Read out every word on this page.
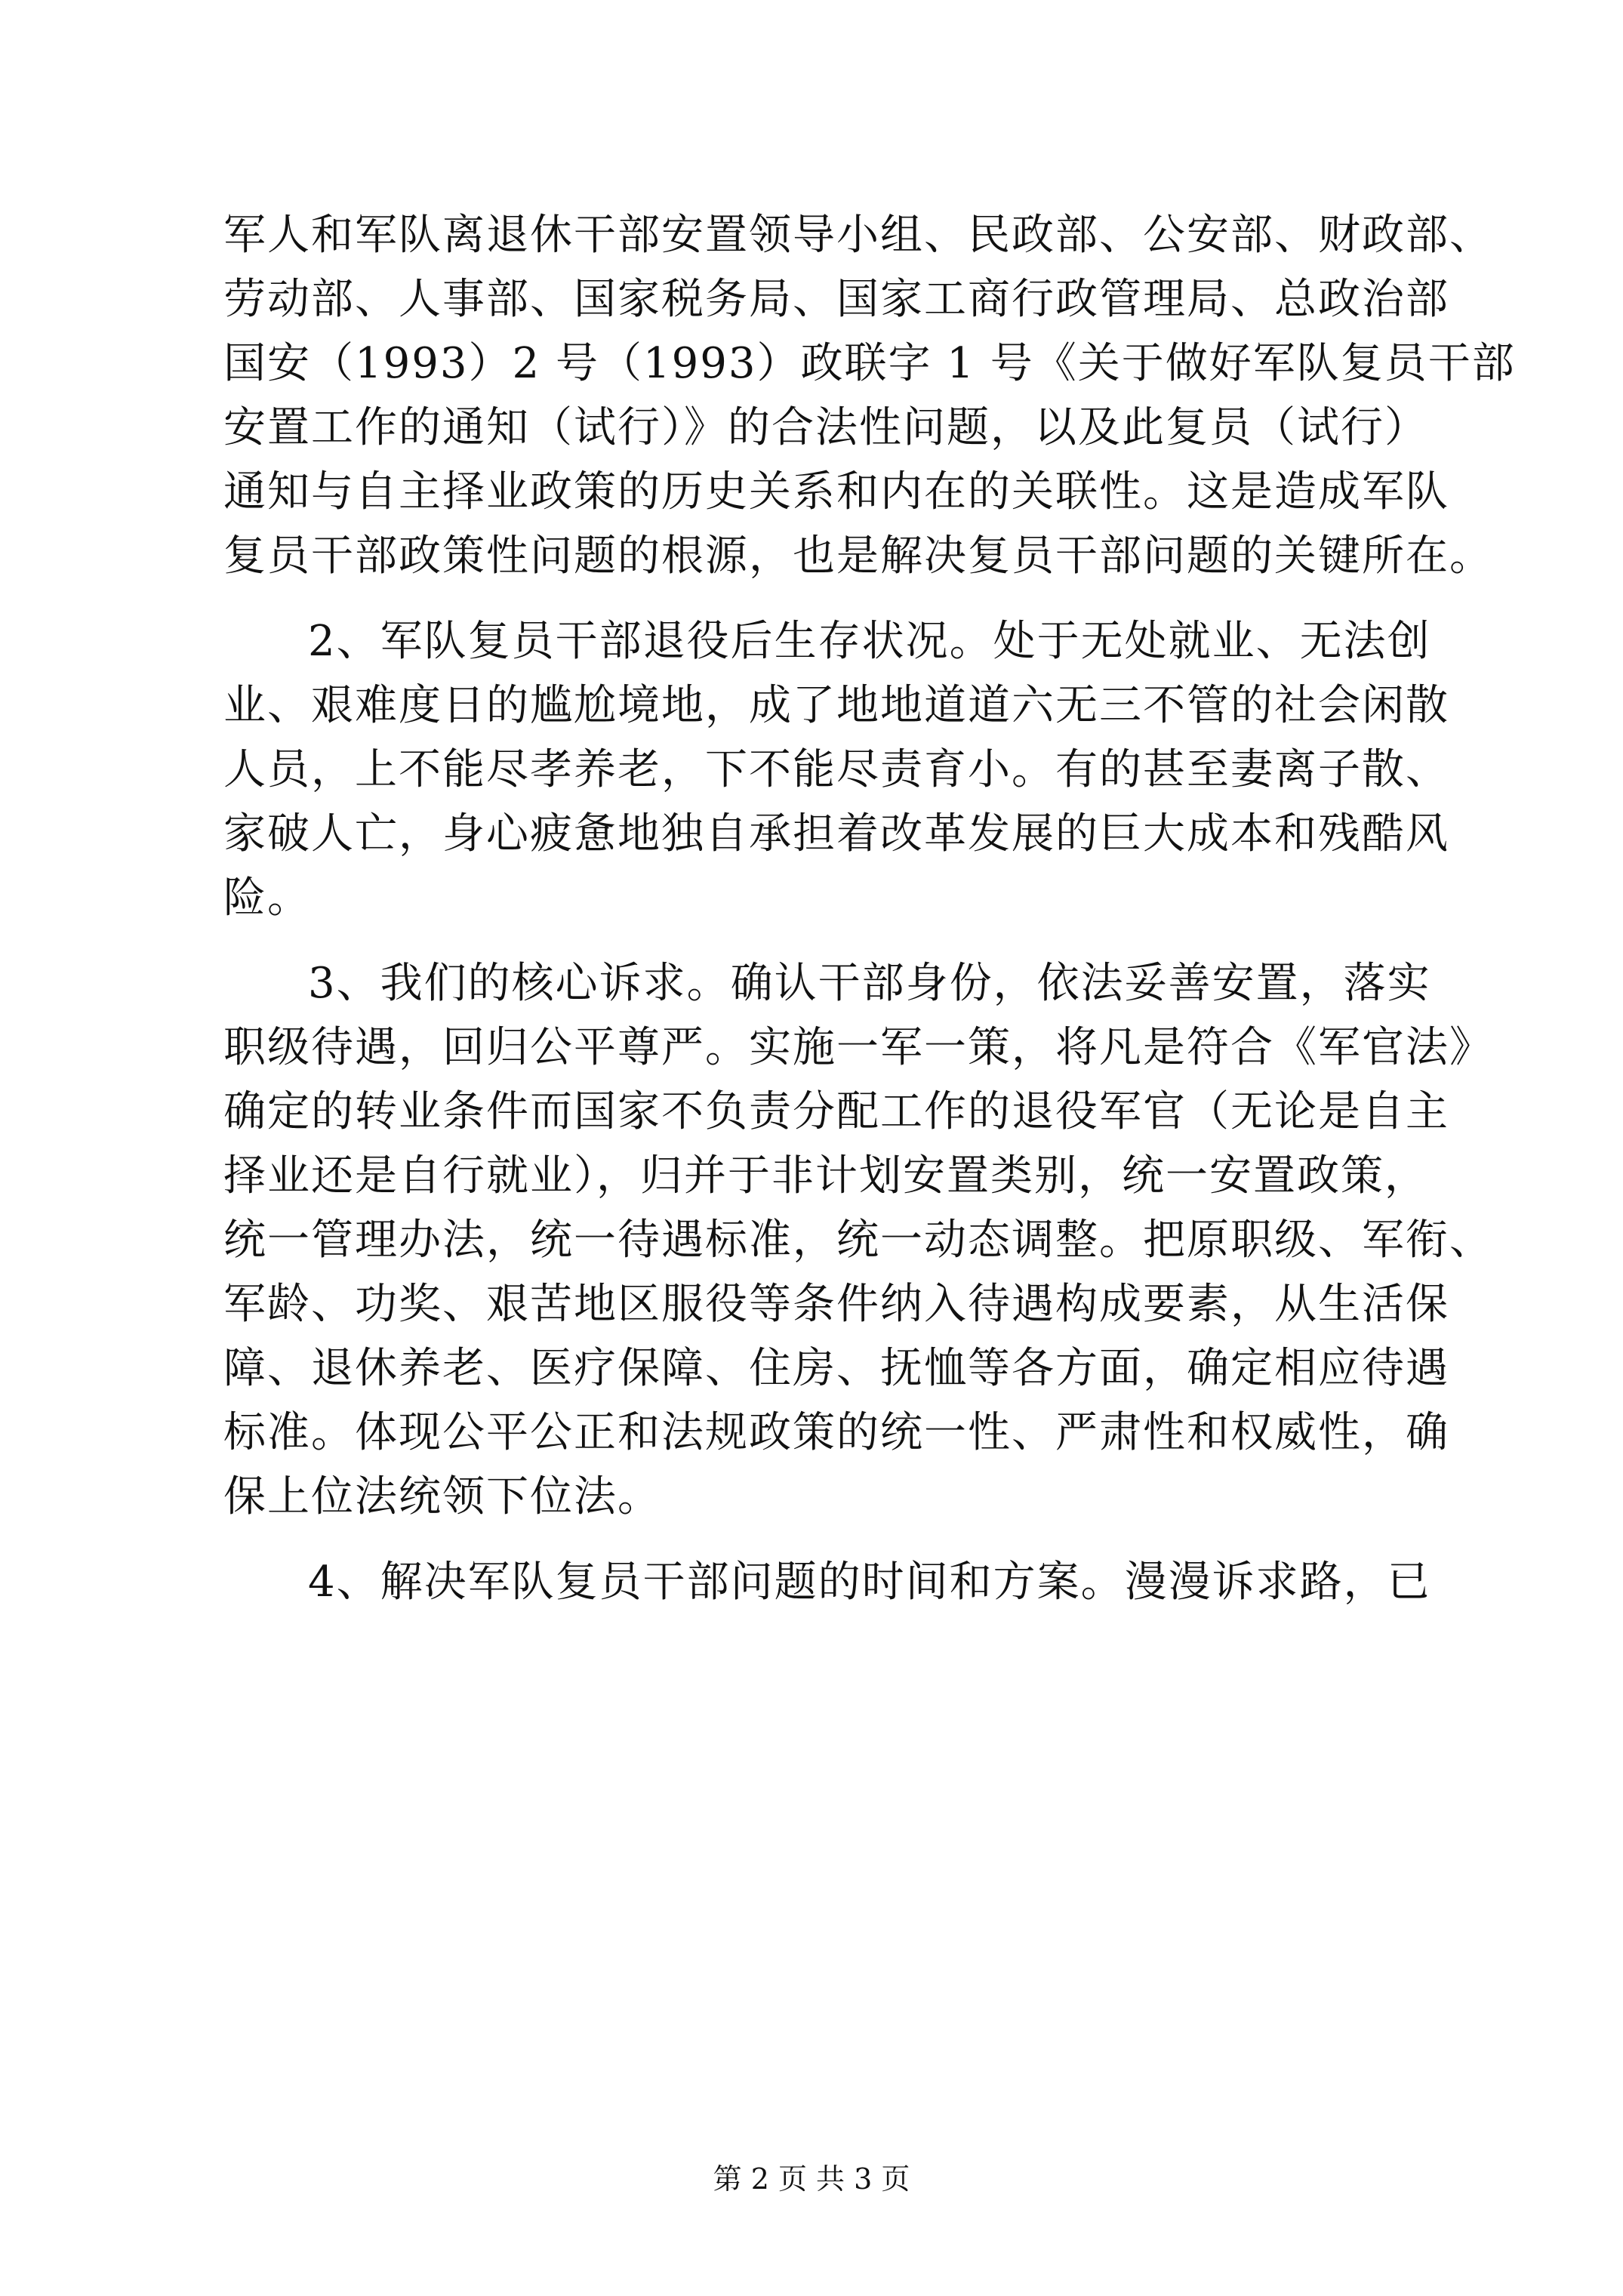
军人和军队离退休干部安置领导小组、民政部、公安部、财政部、
劳动部、人事部、国家税务局、国家工商行政管理局、总政治部
国安（1993）2 号（1993）政联字 1 号《关于做好军队复员干部
安置工作的通知（试行）》的合法性问题，以及此复员（试行）
通知与自主择业政策的历史关系和内在的关联性。这是造成军队
复员干部政策性问题的根源，也是解决复员干部问题的关键所在。
2、军队复员干部退役后生存状况。处于无处就业、无法创
业、艰难度日的尴尬境地，成了地地道道六无三不管的社会闲散
人员，上不能尽孝养老，下不能尽责育小。有的甚至妻离子散、
家破人亡，身心疲惫地独自承担着改革发展的巨大成本和残酷风
险。
3、我们的核心诉求。确认干部身份，依法妥善安置，落实
职级待遇，回归公平尊严。实施一军一策，将凡是符合《军官法》
确定的转业条件而国家不负责分配工作的退役军官（无论是自主
择业还是自行就业），归并于非计划安置类别，统一安置政策，
统一管理办法，统一待遇标准，统一动态调整。把原职级、军衔、
军龄、功奖、艰苦地区服役等条件纳入待遇构成要素，从生活保
障、退休养老、医疗保障、住房、抚恤等各方面，确定相应待遇
标准。体现公平公正和法规政策的统一性、严肃性和权威性，确
保上位法统领下位法。
4、解决军队复员干部问题的时间和方案。漫漫诉求路，已
第 2 页 共 3 页
